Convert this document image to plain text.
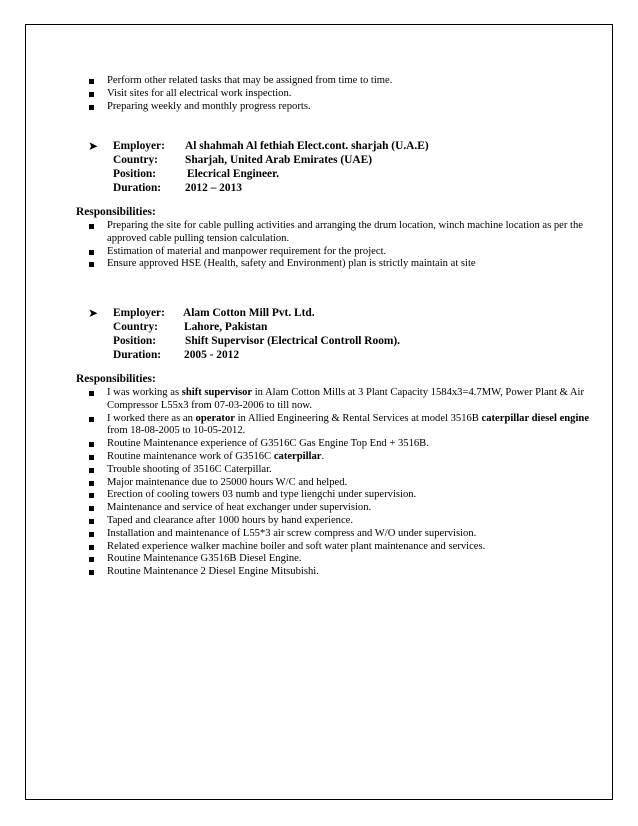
Perform other related tasks that may be assigned from time to time.
Visit sites for all electrical work inspection.
Preparing weekly and monthly progress reports.
➤ Employer: Al shahmah Al fethiah Elect.cont. sharjah (U.A.E)
Country: Sharjah, United Arab Emirates (UAE)
Position:	Elecrical Engineer.
Duration: 2012 – 2013
Responsibilities:
Preparing the site for cable pulling activities and arranging the drum location, winch machine location as per the approved cable pulling tension calculation.
Estimation of material and manpower requirement for the project.
Ensure approved HSE (Health, safety and Environment) plan is strictly maintain at site
➤ Employer: Alam Cotton Mill Pvt. Ltd.
Country: Lahore, Pakistan
Position:	Shift Supervisor (Electrical Controll Room).
Duration: 2005 - 2012
Responsibilities:
I was working as shift supervisor in Alam Cotton Mills at 3 Plant Capacity 1584x3=4.7MW, Power Plant & Air Compressor L55x3 from 07-03-2006 to till now.
I worked there as an operator in Allied Engineering & Rental Services at model 3516B caterpillar diesel engine from 18-08-2005 to 10-05-2012.
Routine Maintenance experience of G3516C Gas Engine Top End + 3516B.
Routine maintenance work of G3516C caterpillar.
Trouble shooting of 3516C Caterpillar.
Major maintenance due to 25000 hours W/C and helped.
Erection of cooling towers 03 numb and type liengchi under supervision.
Maintenance and service of heat exchanger under supervision.
Taped and clearance after 1000 hours by hand experience.
Installation and maintenance of L55*3 air screw compress and W/O under supervision.
Related experience walker machine boiler and soft water plant maintenance and services.
Routine Maintenance G3516B Diesel Engine.
Routine Maintenance 2 Diesel Engine Mitsubishi.
